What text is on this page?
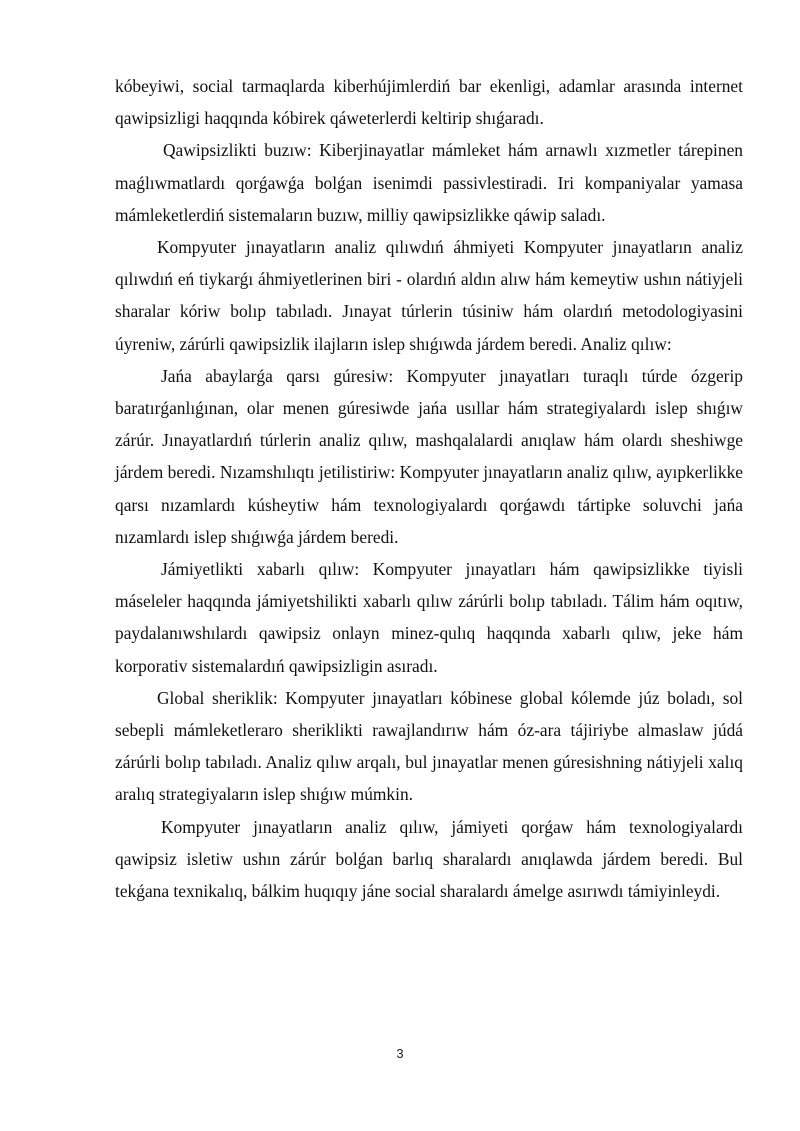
kóbeyiwi, social tarmaqlarda kiberhújimlerdiń bar ekenligi, adamlar arasında internet qawipsizligi haqqında kóbirek qáweterlerdi keltirip shıǵaradı.

Qawipsizlikti buzıw: Kiberjinayatlar mámleket hám arnawlı xızmetler tárepinen maǵlıwmatlardı qorǵawǵa bolǵan isenimdi passivlestiradi. Iri kompaniyalar yamasa mámleketlerdiń sistemaların buzıw, milliy qawipsizlikke qáwip saladı.

Kompyuter jınayatların analiz qılıwdıń áhmiyeti Kompyuter jınayatların analiz qılıwdıń eń tiykarǵı áhmiyetlerinen biri - olardıń aldın alıw hám kemeytiw ushın nátiyjeli sharalar kóriw bolıp tabıladı. Jınayat túrlerin túsiniw hám olardıń metodologiyasini úyreniw, zárúrli qawipsizlik ilajların islep shıǵıwda járdem beredi. Analiz qılıw:

Jańa abaylarǵa qarsı gúresiw: Kompyuter jınayatları turaqlı túrde ózgerip baratırǵanlıǵınan, olar menen gúresiwde jańa usıllar hám strategiyalardı islep shıǵıw zárúr. Jınayatlardıń túrlerin analiz qılıw, mashqalalardi anıqlaw hám olardı sheshiwge járdem beredi. Nızamshılıqtı jetilistiriw: Kompyuter jınayatların analiz qılıw, ayıpkerlikke qarsı nızamlardı kúsheytiw hám texnologiyalardı qorǵawdı tártipke soluvchi jańa nızamlardı islep shıǵıwǵa járdem beredi.

Jámiyetlikti xabarlı qılıw: Kompyuter jınayatları hám qawipsizlikke tiyisli máseleler haqqında jámiyetshilikti xabarlı qılıw zárúrli bolıp tabıladı. Tálim hám oqıtıw, paydalanıwshılardı qawipsiz onlayn minez-qulıq haqqında xabarlı qılıw, jeke hám korporativ sistemalardıń qawipsizligin asıradı.

Global sheriklik: Kompyuter jınayatları kóbinese global kólemde júz boladı, sol sebepli mámleketleraro sheriklikti rawajlandırıw hám óz-ara tájiriybe almaslaw júdá zárúrli bolıp tabıladı. Analiz qılıw arqalı, bul jınayatlar menen gúresishning nátiyjeli xalıq aralıq strategiyaların islep shıǵıw múmkin.

Kompyuter jınayatların analiz qılıw, jámiyeti qorǵaw hám texnologiyalardı qawipsiz isletiw ushın zárúr bolǵan barlıq sharalardı anıqlawda járdem beredi. Bul tekǵana texnikalıq, bálkim huqıqıy jáne social sharalardı ámelge asırıwdı támiyinleydi.

3
